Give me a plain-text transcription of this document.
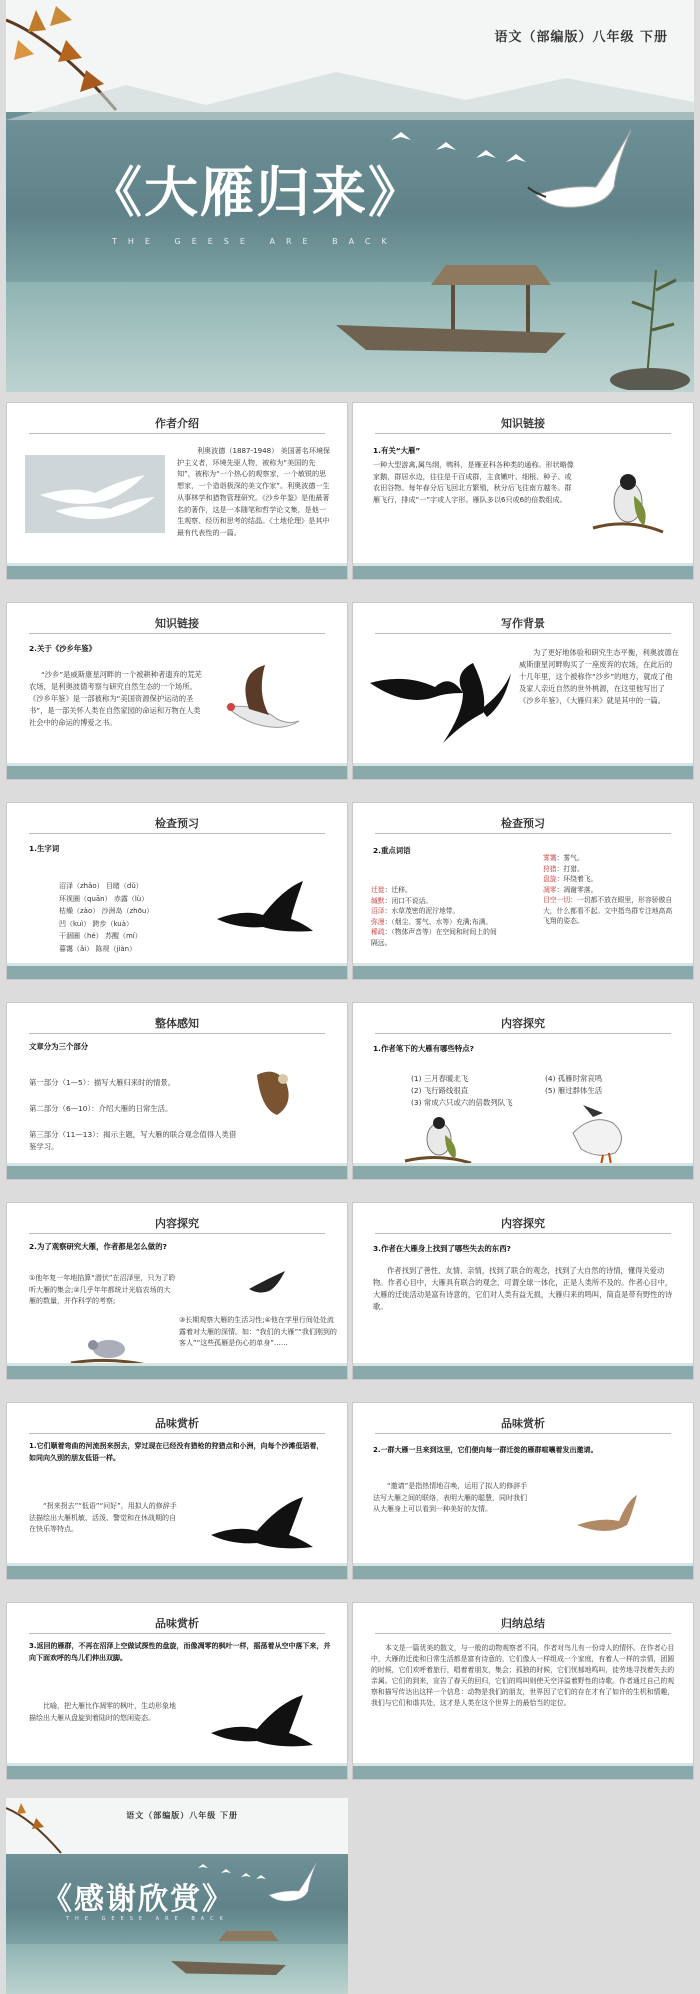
语文（部编版）八年级 下册
《大雁归来》
THE GEESE ARE BACK
作者介绍
利奥波德（1887-1948） 美国著名环境保护主义者，环境先驱人物，被称为“美国的先知”，被称为“一个热心的观察家，一个敏锐的思想家，一个造诣极深的美文作家”。利奥波德一生从事林学和猎物管理研究。《沙乡年鉴》是他最著名的著作，这是一本随笔和哲学论文集，是他一生观察、经历和思考的结晶。《土地伦理》是其中最有代表性的一篇。
知识链接
1.有关“大雁”
一种大型游禽,属鸟纲，鸭科，是雁亚科各种类的通称。形状略像家鹅，群居水边，往往是千百成群，主食嫩叶、细根、种子、或农田谷物。每年春分后飞回北方繁殖，秋分后飞往南方越冬。群雁飞行，排成“一”字或人字形。雁队多以6只或6的倍数组成。
知识链接
2.关于《沙乡年鉴》
“沙乡”是威斯康星河畔的一个被耕种者遗弃的荒芜农场，是利奥波德考察与研究自然生态的一个场所。《沙乡年鉴》是一部被称为“美国资源保护运动的圣书”，是一部关怀人类在自然家园的命运和万物在人类社会中的命运的博爱之书。
写作背景
为了更好地体验和研究生态平衡，利奥波德在威斯康星河畔购买了一座废弃的农场，在此后的十几年里，这个被称作“沙乡”的地方，就成了他及家人亲近自然的世外桃源，在这里他写出了《沙乡年鉴》，《大雁归来》就是其中的一篇。
检查预习
1.生字词
沼泽（zhǎo） 目睹（dǔ）
环视圈（quān） 赤露（lù）
枯燥（zào） 沙洲岛（zhōu）
凹（kuì） 跨步（kuà）
干涸圈（hé） 苏醒（mí）
暮霭（ǎi） 陈规（jiàn）
检查预习
2.重点词语
迁徙：迁移。
缄默：闭口不说话。
沼泽：水草茂密的泥泞地带。
弥漫：（烟尘、雾气、水等）充满;布满。
稀疏：（物体声音等）在空间和时间上的间隔远。
雾霭：雾气。
狩猎：打猎。
盘旋：环绕着飞。
凋零：凋谢零落。
目空一切：一切都不放在眼里，形容骄傲自大，什么都看不起。文中指鸟群专注地高高飞翔的姿态。
整体感知
文章分为三个部分
第一部分（1—5）：描写大雁归来时的情景。
第二部分（6—10）：介绍大雁的日常生活。
第三部分（11—13）：揭示主题，写大雁的联合观念值得人类借鉴学习。
内容探究
1.作者笔下的大雁有哪些特点?
(1) 三月春暖北飞
(2) 飞行路线很直
(3) 常成六只或六的倍数列队飞
(4) 孤雁时常哀鸣
(5) 雁过群体生活
内容探究
2.为了观察研究大雁，作者都是怎么做的?
①他年复一年地掐算“潜伏”在沼泽里，只为了聆听大雁的集会;②几乎年年都统计光临农场的大雁的数量，并作科学的考察;
③长期观察大雁的生活习性;④他在学里行间处处流露着对大雁的深情。如：“我们的大雁”“我们刚到的客人”“这些孤雁是伤心的单身”……
内容探究
3.作者在大雁身上找到了哪些失去的东西?
作者找到了善性、友情、亲情，找到了联合的观念，找到了大自然的诗情，懂得关爱动物。作者心目中，大雁具有联合的观念，可谓全球一体化，正是人类所不及的。作者心目中，大雁的迁徙活动是富有诗意的，它们对人类有益无损，大雁归来的鸣叫，简直是带有野性的诗歌。
品味赏析
1.它们顺着弯曲的河流拐来拐去，穿过现在已经没有猎枪的狩猎点和小洲，向每个沙滩低语着，如同向久别的朋友低语一样。
“拐来拐去”“低语”“问好”，用拟人的修辞手法描绘出大雁机敏、活泼、警觉和在休战期的自在快乐等特点。
品味赏析
2.一群大雁一旦来到这里，它们便向每一群迁徙的雁群喧嚷着发出邀请。
“邀请”是指热情地召唤，运用了拟人的修辞手法写大雁之间的联络，表明大雁的聪慧，同时我们从大雁身上可以看到一种美好的友情。
品味赏析
3.返回的雁群，不再在沼泽上空做试探性的盘旋，而像凋零的枫叶一样，摇荡着从空中落下来，并向下面欢呼的鸟儿们伸出双脚。
比喻，把大雁比作凋零的枫叶，生动形象地描绘出大雁从盘旋到着陆时的悠闲姿态。
归纳总结
本文是一篇优美的散文，与一般的动物观察者不同，作者对鸟儿有一份诗人的情怀。在作者心目中，大雁的迁徙和日常生活都是富有诗意的，它们像人一样组成一个家庭，有着人一样的亲情，团圆的时候，它们欢呼着旅行，唱着着朋友，集会；孤独的时候，它们忧郁地鸣叫，徒劳地寻找着失去的亲属。它们的到来，宣告了春天的回归，它们的鸣叫则使天空洋溢着野性的诗歌。作者通过自己的观察和描写传达出这样一个信息：动物是我们的朋友，世界因了它们的存在才有了如许的生机和情趣，我们与它们和谐共处，这才是人类在这个世界上的最恰当的定位。
语文（部编版）八年级 下册
《感谢欣赏》
THE GEESE ARE BACK
